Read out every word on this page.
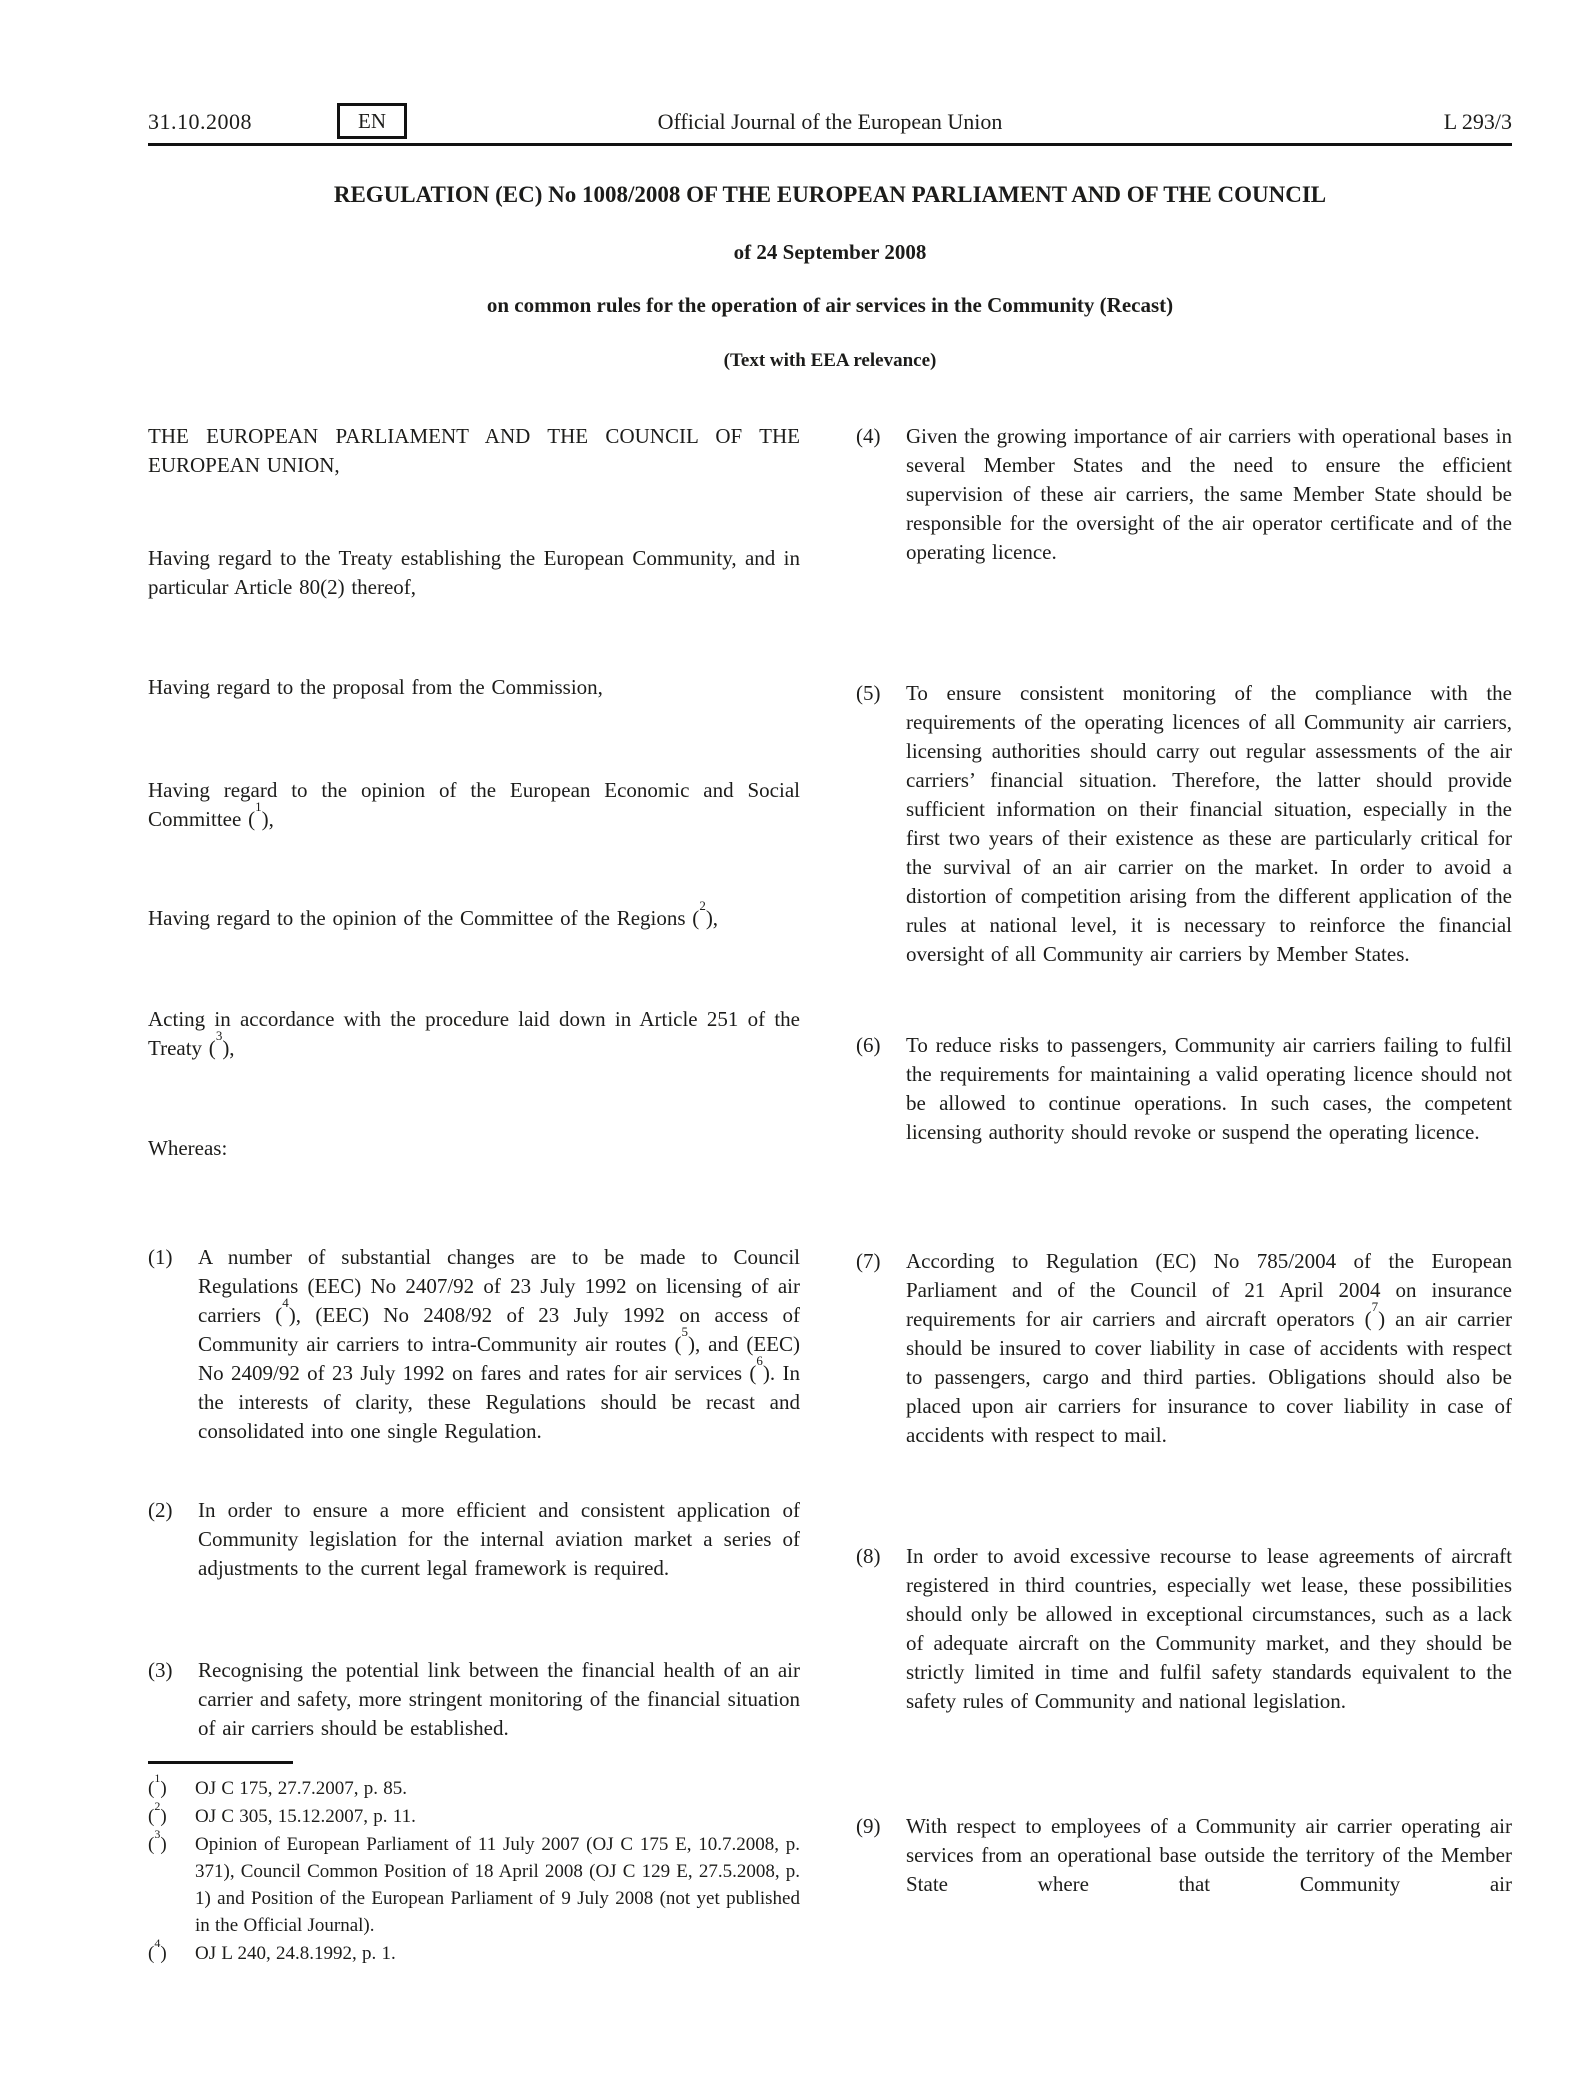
31.10.2008	EN	Official Journal of the European Union	L 293/3
REGULATION (EC) No 1008/2008 OF THE EUROPEAN PARLIAMENT AND OF THE COUNCIL
of 24 September 2008
on common rules for the operation of air services in the Community (Recast)
(Text with EEA relevance)

THE EUROPEAN PARLIAMENT AND THE COUNCIL OF THE EUROPEAN UNION,

Having regard to the Treaty establishing the European Community, and in particular Article 80(2) thereof,

Having regard to the proposal from the Commission,

Having regard to the opinion of the European Economic and Social Committee ($^1$),

Having regard to the opinion of the Committee of the Regions ($^2$),

Acting in accordance with the procedure laid down in Article 251 of the Treaty ($^3$),

Whereas:

(1)	A number of substantial changes are to be made to Council Regulations (EEC) No 2407/92 of 23 July 1992 on licensing of air carriers ($^4$), (EEC) No 2408/92 of 23 July 1992 on access of Community air carriers to intra-Community air routes ($^5$), and (EEC) No 2409/92 of 23 July 1992 on fares and rates for air services ($^6$). In the interests of clarity, these Regulations should be recast and consolidated into one single Regulation.

(2)	In order to ensure a more efficient and consistent application of Community legislation for the internal aviation market a series of adjustments to the current legal framework is required.

(3)	Recognising the potential link between the financial health of an air carrier and safety, more stringent monitoring of the financial situation of air carriers should be established.

($^1$)	OJ C 175, 27.7.2007, p. 85.
($^2$)	OJ C 305, 15.12.2007, p. 11.
($^3$)	Opinion of European Parliament of 11 July 2007 (OJ C 175 E, 10.7.2008, p. 371), Council Common Position of 18 April 2008 (OJ C 129 E, 27.5.2008, p. 1) and Position of the European Parliament of 9 July 2008 (not yet published in the Official Journal).
($^4$)	OJ L 240, 24.8.1992, p. 1.
(4)	Given the growing importance of air carriers with operational bases in several Member States and the need to ensure the efficient supervision of these air carriers, the same Member State should be responsible for the oversight of the air operator certificate and of the operating licence.

(5)	To ensure consistent monitoring of the compliance with the requirements of the operating licences of all Community air carriers, licensing authorities should carry out regular assessments of the air carriers’ financial situation. Therefore, the latter should provide sufficient information on their financial situation, especially in the first two years of their existence as these are particularly critical for the survival of an air carrier on the market. In order to avoid a distortion of competition arising from the different application of the rules at national level, it is necessary to reinforce the financial oversight of all Community air carriers by Member States.

(6)	To reduce risks to passengers, Community air carriers failing to fulfil the requirements for maintaining a valid operating licence should not be allowed to continue operations. In such cases, the competent licensing authority should revoke or suspend the operating licence.

(7)	According to Regulation (EC) No 785/2004 of the European Parliament and of the Council of 21 April 2004 on insurance requirements for air carriers and aircraft operators ($^7$) an air carrier should be insured to cover liability in case of accidents with respect to passengers, cargo and third parties. Obligations should also be placed upon air carriers for insurance to cover liability in case of accidents with respect to mail.

(8)	In order to avoid excessive recourse to lease agreements of aircraft registered in third countries, especially wet lease, these possibilities should only be allowed in exceptional circumstances, such as a lack of adequate aircraft on the Community market, and they should be strictly limited in time and fulfil safety standards equivalent to the safety rules of Community and national legislation.

(9)	With respect to employees of a Community air carrier operating air services from an operational base outside the territory of the Member State where that Community air
